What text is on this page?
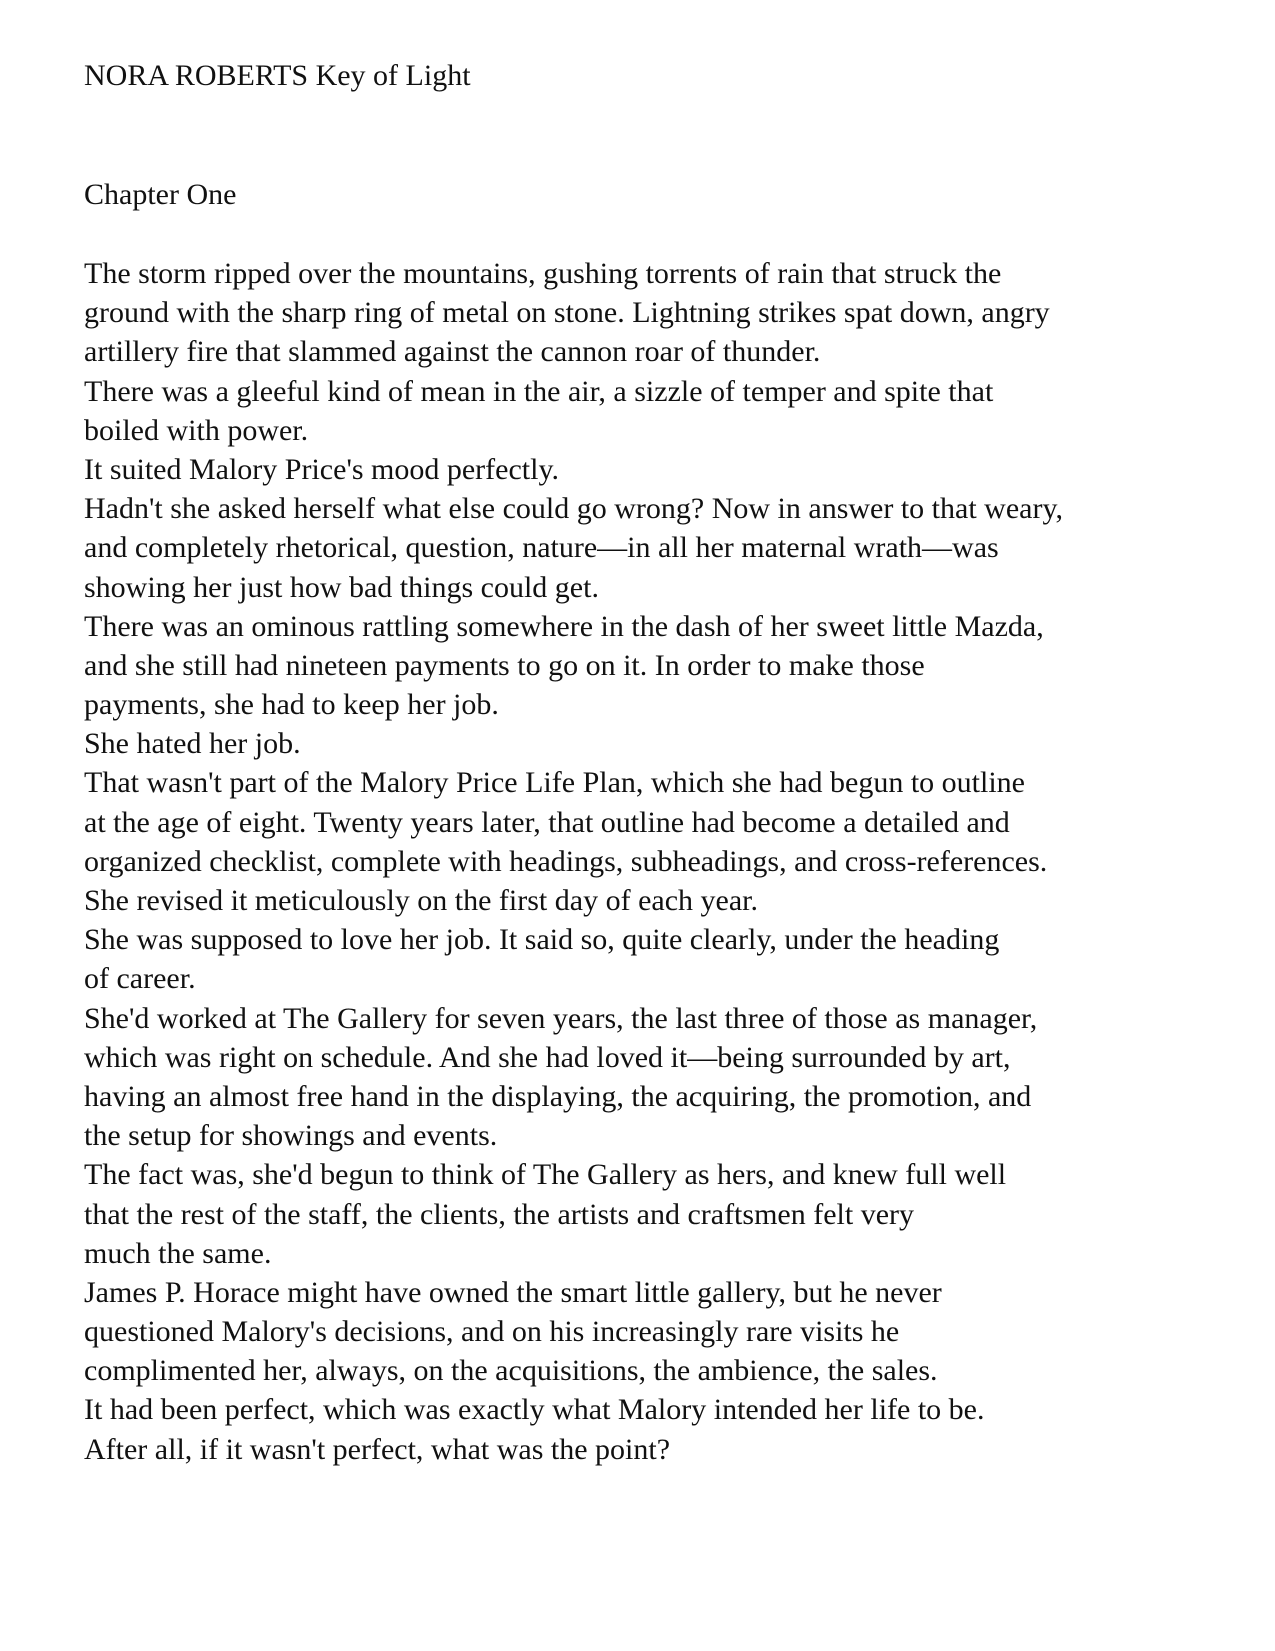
NORA ROBERTS Key of Light

Chapter One

The storm ripped over the mountains, gushing torrents of rain that struck the
ground with the sharp ring of metal on stone. Lightning strikes spat down, angry
artillery fire that slammed against the cannon roar of thunder.
There was a gleeful kind of mean in the air, a sizzle of temper and spite that
boiled with power.
It suited Malory Price's mood perfectly.
Hadn't she asked herself what else could go wrong? Now in answer to that weary,
and completely rhetorical, question, nature—in all her maternal wrath—was
showing her just how bad things could get.
There was an ominous rattling somewhere in the dash of her sweet little Mazda,
and she still had nineteen payments to go on it. In order to make those
payments, she had to keep her job.
She hated her job.
That wasn't part of the Malory Price Life Plan, which she had begun to outline
at the age of eight. Twenty years later, that outline had become a detailed and
organized checklist, complete with headings, subheadings, and cross-references.
She revised it meticulously on the first day of each year.
She was supposed to love her job. It said so, quite clearly, under the heading
of career.
She'd worked at The Gallery for seven years, the last three of those as manager,
which was right on schedule. And she had loved it—being surrounded by art,
having an almost free hand in the displaying, the acquiring, the promotion, and
the setup for showings and events.
The fact was, she'd begun to think of The Gallery as hers, and knew full well
that the rest of the staff, the clients, the artists and craftsmen felt very
much the same.
James P. Horace might have owned the smart little gallery, but he never
questioned Malory's decisions, and on his increasingly rare visits he
complimented her, always, on the acquisitions, the ambience, the sales.
It had been perfect, which was exactly what Malory intended her life to be.
After all, if it wasn't perfect, what was the point?
